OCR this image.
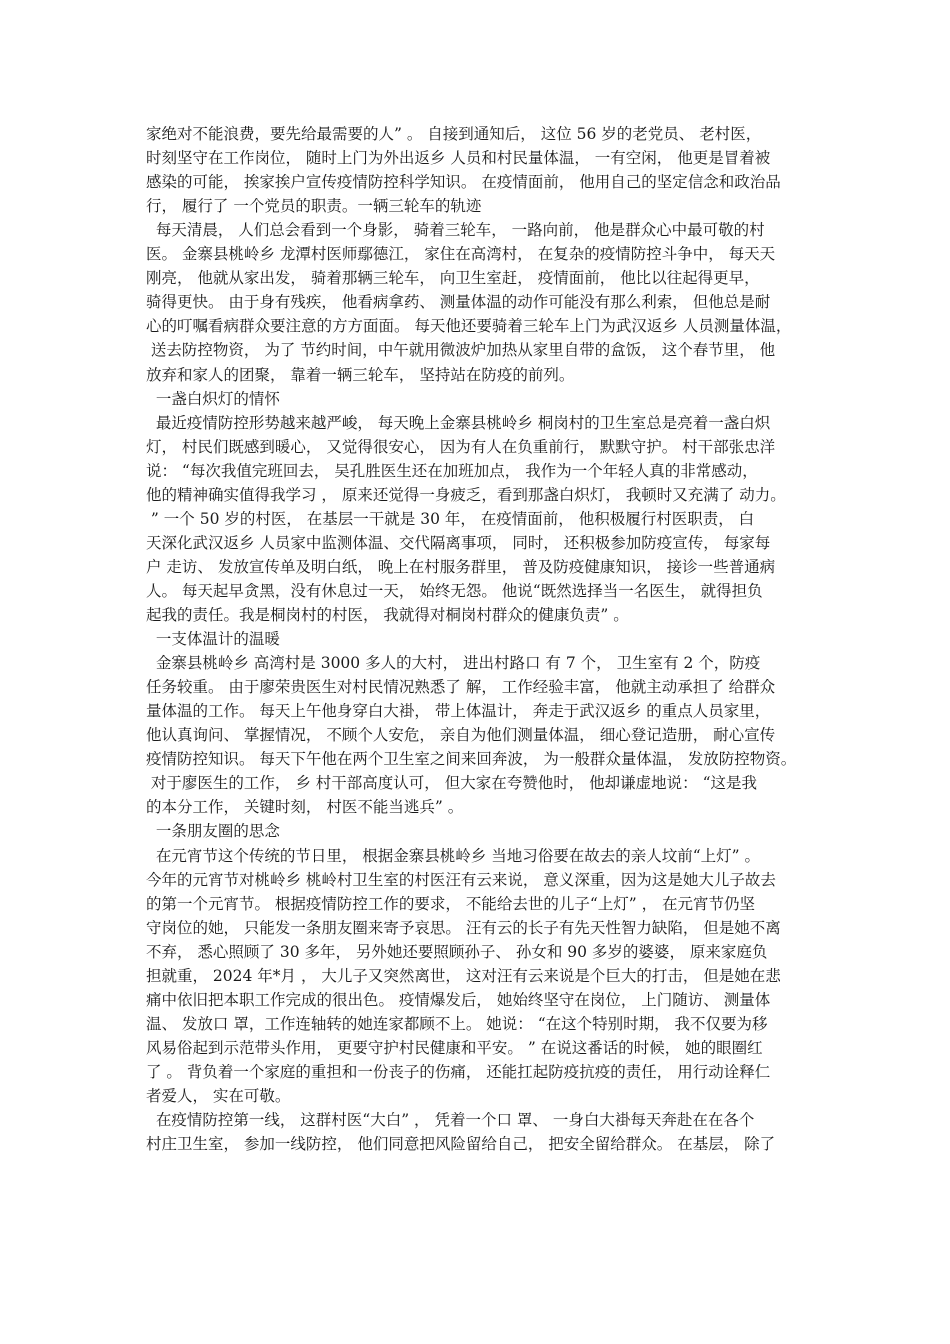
家绝对不能浪费，要先给最需要的人” 。 自接到通知后， 这位 56 岁的老党员、 老村医，
时刻坚守在工作岗位， 随时上门为外出返乡 人员和村民量体温， 一有空闲， 他更是冒着被
感染的可能， 挨家挨户宣传疫情防控科学知识。 在疫情面前， 他用自己的坚定信念和政治品
行， 履行了 一个党员的职责。一辆三轮车的轨迹
每天清晨， 人们总会看到一个身影， 骑着三轮车， 一路向前， 他是群众心中最可敬的村
医。 金寨县桃岭乡 龙潭村医师鄢德江， 家住在高湾村， 在复杂的疫情防控斗争中， 每天天
刚亮， 他就从家出发， 骑着那辆三轮车， 向卫生室赶， 疫情面前， 他比以往起得更早，
骑得更快。 由于身有残疾， 他看病拿药、 测量体温的动作可能没有那么利索， 但他总是耐
心的叮嘱看病群众要注意的方方面面。 每天他还要骑着三轮车上门为武汉返乡 人员测量体温，
送去防控物资， 为了 节约时间，中午就用微波炉加热从家里自带的盒饭， 这个春节里， 他
放弃和家人的团聚， 靠着一辆三轮车， 坚持站在防疫的前列。
一盏白炽灯的情怀
最近疫情防控形势越来越严峻， 每天晚上金寨县桃岭乡 桐岗村的卫生室总是亮着一盏白炽
灯， 村民们既感到暖心， 又觉得很安心， 因为有人在负重前行， 默默守护。 村干部张忠洋
说： “每次我值完班回去， 吴孔胜医生还在加班加点， 我作为一个年轻人真的非常感动，
他的精神确实值得我学习 ， 原来还觉得一身疲乏，看到那盏白炽灯， 我顿时又充满了 动力。
” 一个 50 岁的村医， 在基层一干就是 30 年， 在疫情面前， 他积极履行村医职责， 白
天深化武汉返乡 人员家中监测体温、交代隔离事项， 同时， 还积极参加防疫宣传， 每家每
户 走访、 发放宣传单及明白纸， 晚上在村服务群里， 普及防疫健康知识， 接诊一些普通病
人。 每天起早贪黑，没有休息过一天， 始终无怨。 他说“既然选择当一名医生， 就得担负
起我的责任。我是桐岗村的村医， 我就得对桐岗村群众的健康负责” 。
一支体温计的温暖
金寨县桃岭乡 高湾村是 3000 多人的大村， 进出村路口 有 7 个， 卫生室有 2 个，防疫
任务较重。 由于廖荣贵医生对村民情况熟悉了 解， 工作经验丰富， 他就主动承担了 给群众
量体温的工作。 每天上午他身穿白大褂， 带上体温计， 奔走于武汉返乡 的重点人员家里，
他认真询问、 掌握情况， 不顾个人安危， 亲自为他们测量体温， 细心登记造册， 耐心宣传
疫情防控知识。 每天下午他在两个卫生室之间来回奔波， 为一般群众量体温， 发放防控物资。
对于廖医生的工作， 乡 村干部高度认可， 但大家在夸赞他时， 他却谦虚地说： “这是我
的本分工作， 关键时刻， 村医不能当逃兵” 。
一条朋友圈的思念
在元宵节这个传统的节日里， 根据金寨县桃岭乡 当地习俗要在故去的亲人坟前“上灯” 。
今年的元宵节对桃岭乡 桃岭村卫生室的村医汪有云来说， 意义深重，因为这是她大儿子故去
的第一个元宵节。 根据疫情防控工作的要求， 不能给去世的儿子“上灯” ， 在元宵节仍坚
守岗位的她， 只能发一条朋友圈来寄予哀思。 汪有云的长子有先天性智力缺陷， 但是她不离
不弃， 悉心照顾了 30 多年， 另外她还要照顾孙子、 孙女和 90 多岁的婆婆， 原来家庭负
担就重， 2024 年*月 ， 大儿子又突然离世， 这对汪有云来说是个巨大的打击， 但是她在悲
痛中依旧把本职工作完成的很出色。 疫情爆发后， 她始终坚守在岗位， 上门随访、 测量体
温、 发放口 罩，工作连轴转的她连家都顾不上。 她说： “在这个特别时期， 我不仅要为移
风易俗起到示范带头作用， 更要守护村民健康和平安。 ” 在说这番话的时候， 她的眼圈红
了 。 背负着一个家庭的重担和一份丧子的伤痛， 还能扛起防疫抗疫的责任， 用行动诠释仁
者爱人， 实在可敬。
在疫情防控第一线， 这群村医“大白” ， 凭着一个口 罩、 一身白大褂每天奔赴在在各个
村庄卫生室， 参加一线防控， 他们同意把风险留给自己， 把安全留给群众。 在基层， 除了
